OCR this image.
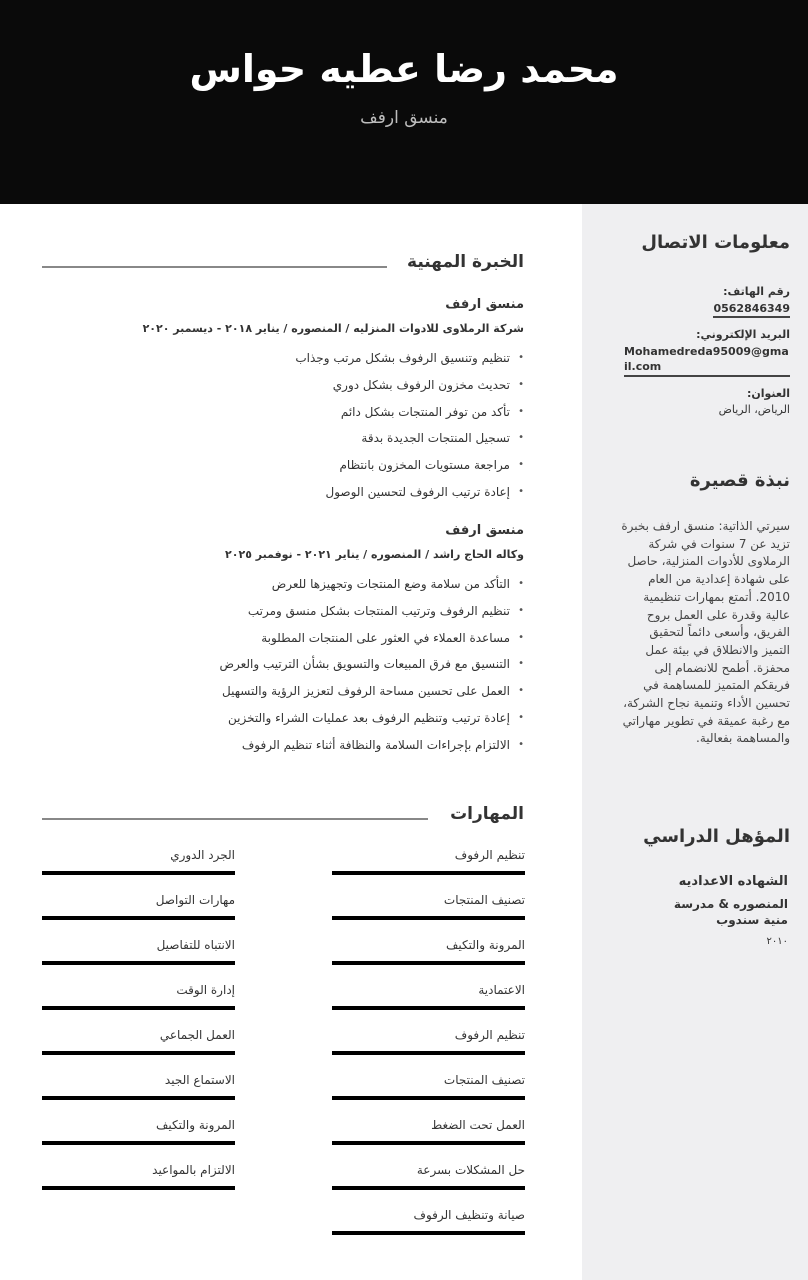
محمد رضا عطيه حواس
منسق ارفف
معلومات الاتصال
رقم الهاتف:
0562846349
البريد الإلكتروني:
Mohamedreda95009@gmail.com
العنوان:
الرياض، الرياض
نبذة قصيرة
سيرتي الذاتية: منسق ارفف بخبرة تزيد عن 7 سنوات في شركة الرملاوى للأدوات المنزلية، حاصل على شهادة إعدادية من العام 2010. أتمتع بمهارات تنظيمية عالية وقدرة على العمل بروح الفريق، وأسعى دائماً لتحقيق التميز والانطلاق في بيئة عمل محفزة. أطمح للانضمام إلى فريقكم المتميز للمساهمة في تحسين الأداء وتنمية نجاح الشركة، مع رغبة عميقة في تطوير مهاراتي والمساهمة بفعالية.
المؤهل الدراسي
الشهاده الاعداديه
المنصوره & مدرسة منية سندوب
٢٠١٠
الخبرة المهنية
منسق ارفف
شركة الرملاوى للادوات المنزليه / المنصوره / يناير ٢٠١٨ - ديسمبر ٢٠٢٠
• تنظيم وتنسيق الرفوف بشكل مرتب وجذاب
• تحديث مخزون الرفوف بشكل دوري
• تأكد من توفر المنتجات بشكل دائم
• تسجيل المنتجات الجديدة بدقة
• مراجعة مستويات المخزون بانتظام
• إعادة ترتيب الرفوف لتحسين الوصول
منسق ارفف
وكاله الحاج راشد / المنصوره / يناير ٢٠٢١ - نوفمبر ٢٠٢٥
• التأكد من سلامة وضع المنتجات وتجهيزها للعرض
• تنظيم الرفوف وترتيب المنتجات بشكل منسق ومرتب
• مساعدة العملاء في العثور على المنتجات المطلوبة
• التنسيق مع فرق المبيعات والتسويق بشأن الترتيب والعرض
• العمل على تحسين مساحة الرفوف لتعزيز الرؤية والتسهيل
• إعادة ترتيب وتنظيم الرفوف بعد عمليات الشراء والتخزين
• الالتزام بإجراءات السلامة والنظافة أثناء تنظيم الرفوف
المهارات
تنظيم الرفوف
تصنيف المنتجات
المرونة والتكيف
الاعتمادية
تنظيم الرفوف
تصنيف المنتجات
العمل تحت الضغط
حل المشكلات بسرعة
صيانة وتنظيف الرفوف
الجرد الدوري
مهارات التواصل
الانتباه للتفاصيل
إدارة الوقت
العمل الجماعي
الاستماع الجيد
المرونة والتكيف
الالتزام بالمواعيد
